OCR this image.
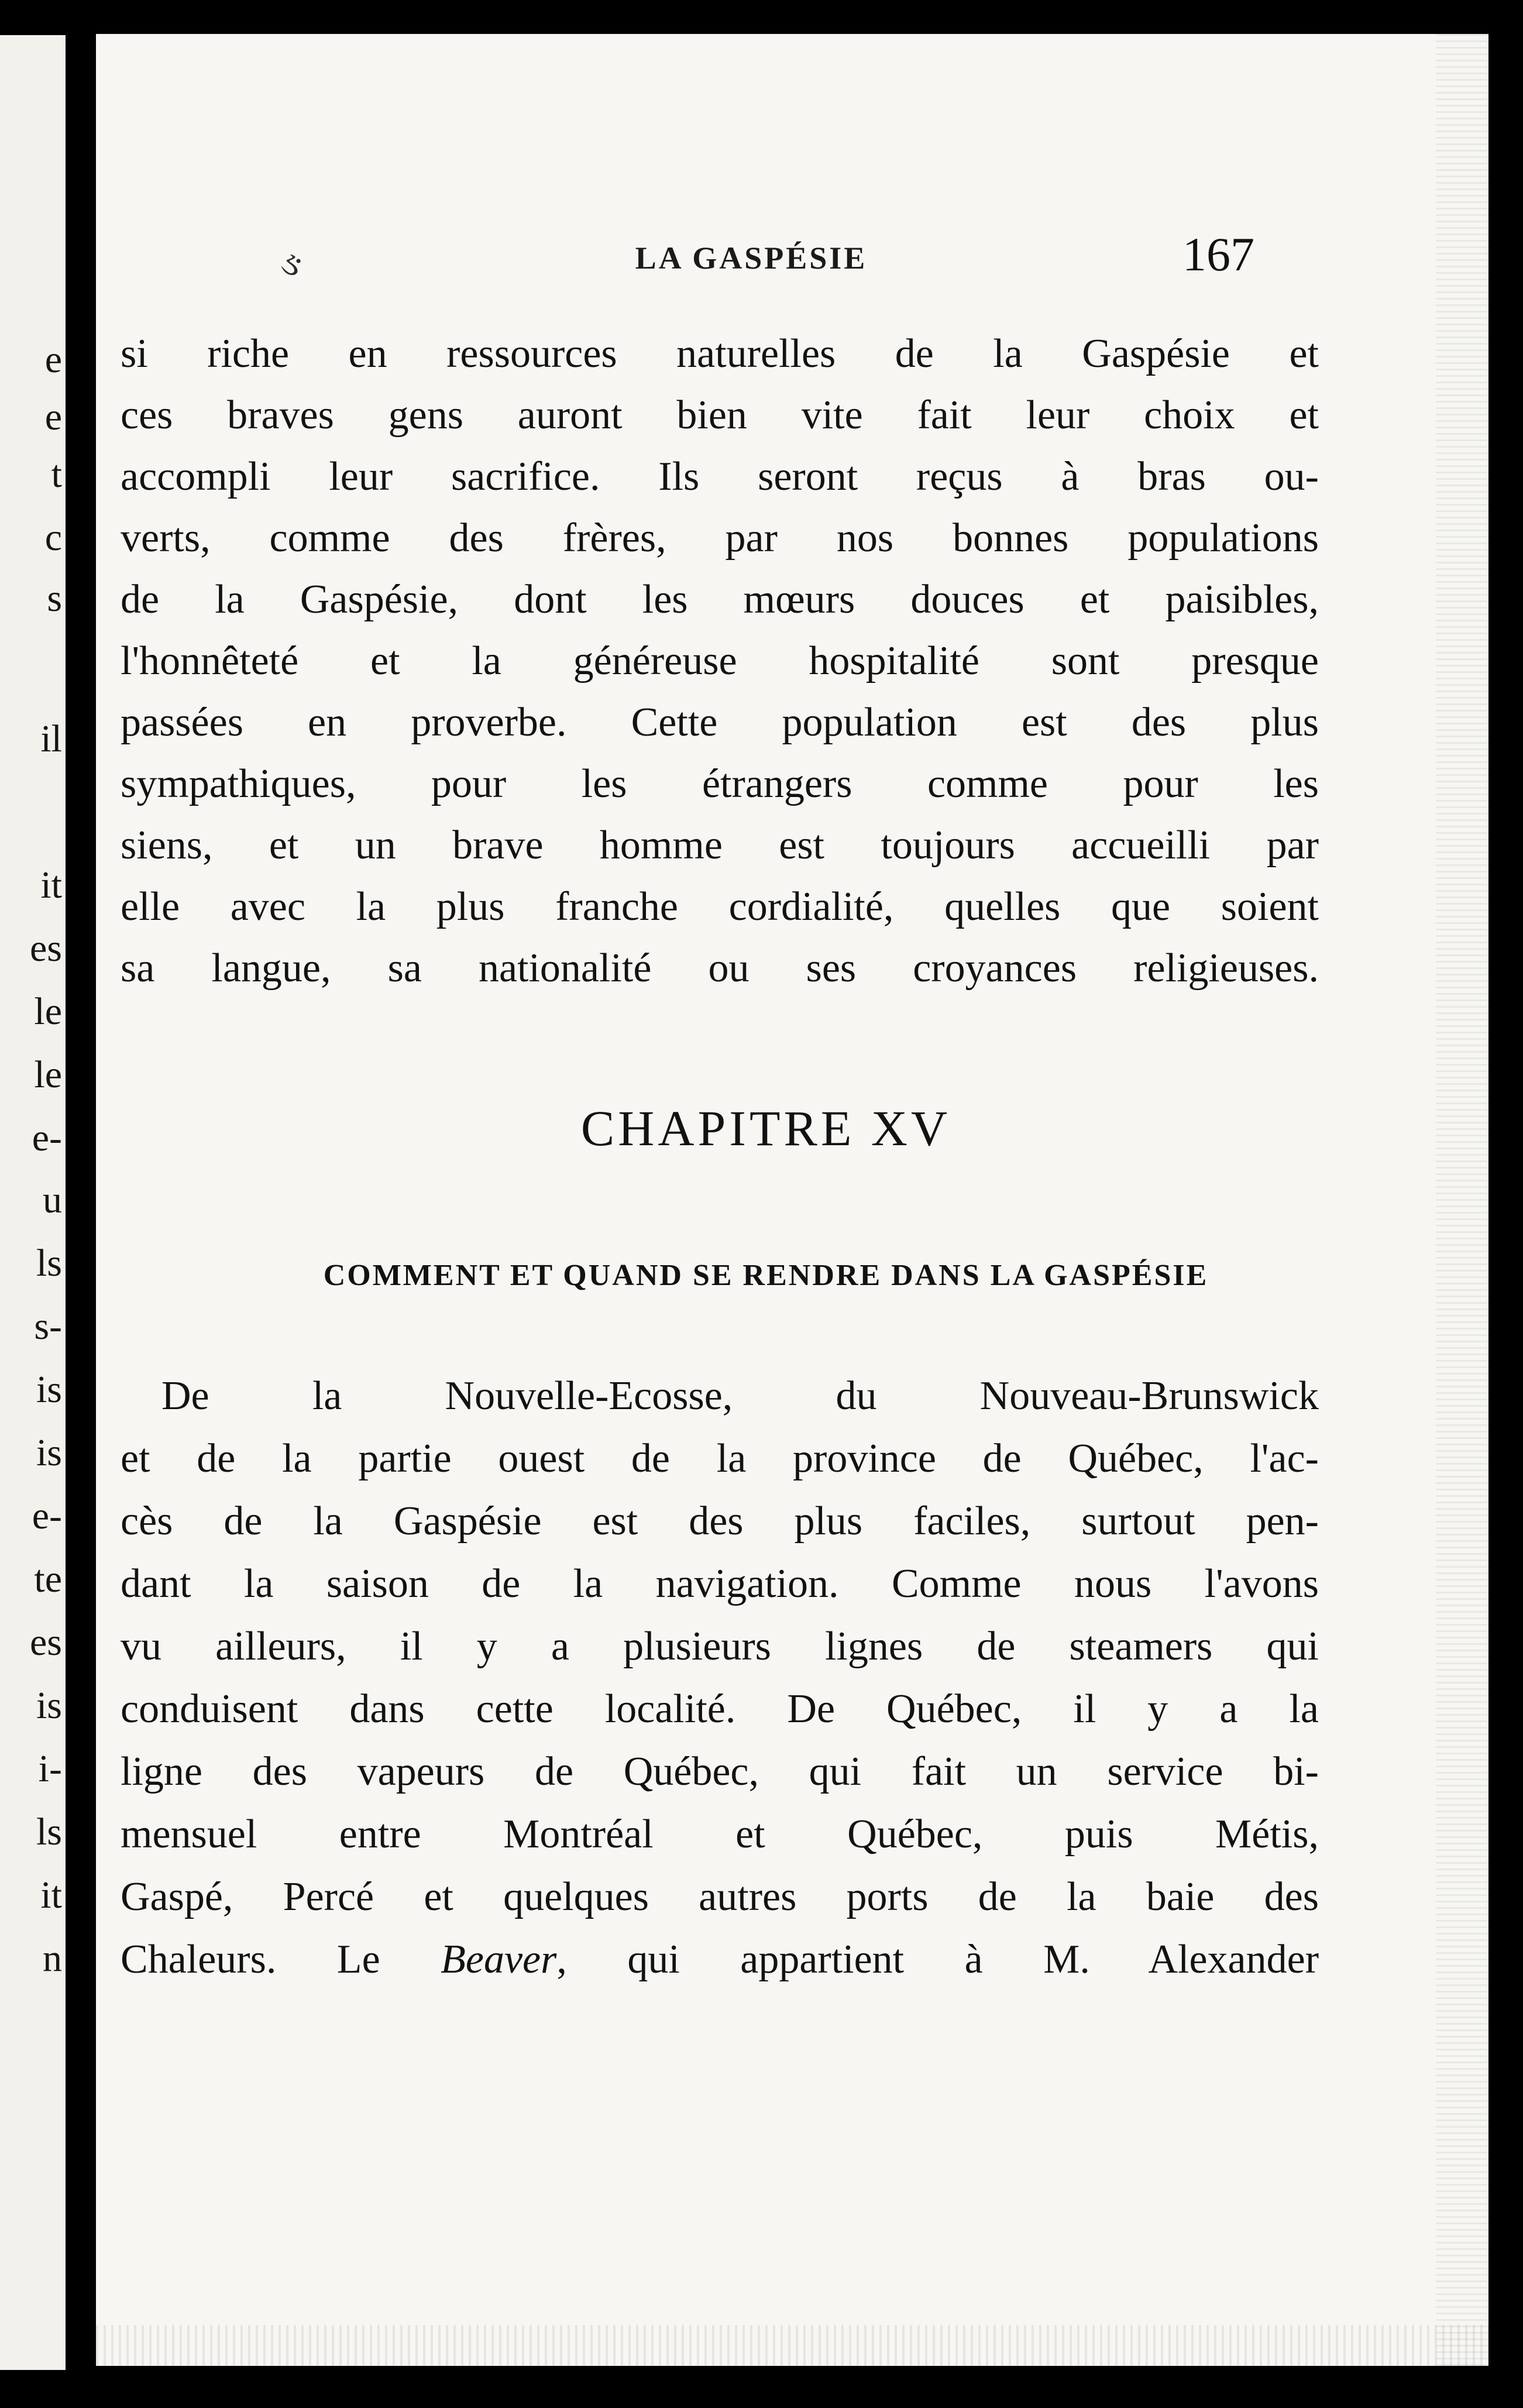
e
e
t
c
s
il
it
es
le
le
e-
u
ls
s-
is
is
e-
te
es
is
i-
ls
it
n
ઙ	LA GASPÉSIE	167
si riche en ressources naturelles de la Gaspésie et
ces braves gens auront bien vite fait leur choix et
accompli leur sacrifice. Ils seront reçus à bras ou-
verts, comme des frères, par nos bonnes populations
de la Gaspésie, dont les mœurs douces et paisibles,
l'honnêteté et la généreuse hospitalité sont presque
passées en proverbe. Cette population est des plus
sympathiques, pour les étrangers comme pour les
siens, et un brave homme est toujours accueilli par
elle avec la plus franche cordialité, quelles que soient
sa langue, sa nationalité ou ses croyances religieuses.
CHAPITRE XV
COMMENT ET QUAND SE RENDRE DANS LA GASPÉSIE
De la Nouvelle-Ecosse, du Nouveau-Brunswick
et de la partie ouest de la province de Québec, l'ac-
cès de la Gaspésie est des plus faciles, surtout pen-
dant la saison de la navigation. Comme nous l'avons
vu ailleurs, il y a plusieurs lignes de steamers qui
conduisent dans cette localité. De Québec, il y a la
ligne des vapeurs de Québec, qui fait un service bi-
mensuel entre Montréal et Québec, puis Métis,
Gaspé, Percé et quelques autres ports de la baie des
Chaleurs. Le Beaver, qui appartient à M. Alexander
